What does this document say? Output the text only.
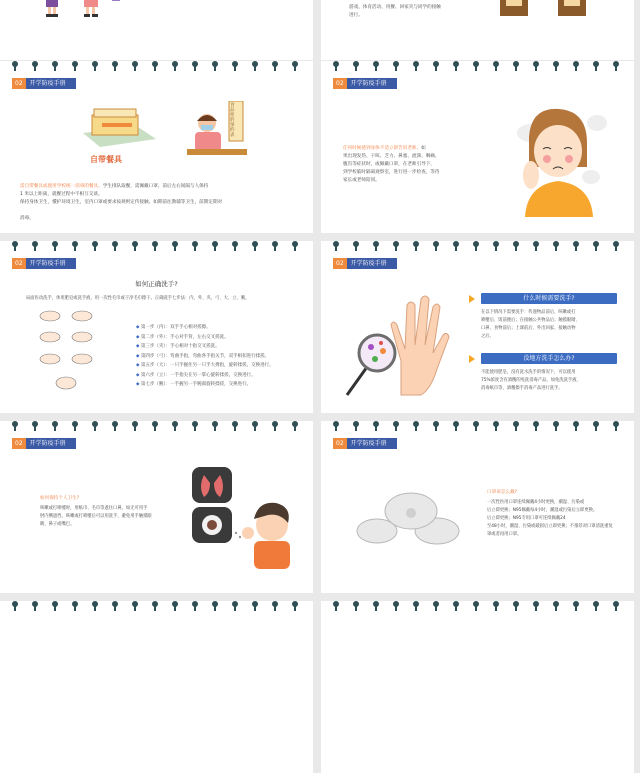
游戏、体育活动、用餐、回家夹与同学的接触
进行。
02	开学防疫手册
自带餐具
食品柜的预约表
需自带餐具或使用学校统一消毒的餐具。学生排队取餐，需佩戴口罩，前后左右间隔与人保持
1 米以上距离，就餐过程中不相互交谈。
保持身体卫生，懂护环境卫生，室内口罩或要求按规则定传接触。如期前往教辅等卫生，前期定期对
消毒。
02	开学防疫手册
任何时候感到身体不适立即告诉老师。如
果出现发热、干咳、乏力、鼻塞、流涕、咽痛、
腹泻等症状时，或佩戴口罩，在老师引导下，
到学校临时隔离观察室，进行进一步检查，等待
家长或老师陪同。
02	开学防疫手册
如何正确洗手?
局面佐动洗手，体用肥皂或洗手液，用一次性毛巾或干净毛巾擦干。正确洗手七步法：内、外、夹、弓、大、立、腕。
◆ 第一步（内）：双手手心相对搓擦。
◆ 第二步（外）：手心对手背，左右交叉搓洗。
◆ 第三步（夹）：手心相对十指交叉搓洗。
◆ 第四步（弓）：弯曲手指，弯曲各手指关节，双手相扣进行揉搓。
◆ 第五步（大）：一只手握住另一只手大拇指，旋转揉搓，交换进行。
◆ 第六步（立）：一手指尖在另一掌心旋转揉搓，交换进行。
◆ 第七步（腕）：一手握另一手腕部旋转揉搓，交换进行。
02	开学防疫手册
什么时候需要洗手?
在以下情况下需要洗手：传递物品前后、咳嗽或打
喷嚏后、饭前便后；在接触公共物品后；触摸眼睛、
口鼻、食物前后；上课前后、外出回家、接触动物
之后。
没地方洗手怎么办?
不能使用肥皂、没有洗水洗手的情况下，可以使用
75%浓度含有酒精的免洗消毒产品，如免洗洗手液、
消毒纸巾等，酒精擦手消毒产品进行洗手。
02	开学防疫手册
如何保持个人卫生?
咳嗽或打喷嚏时，用纸巾、毛巾等遮住口鼻，如无可用手
肘内侧遮挡。咳嗽或打喷嚏后可以用洗手，避免用手触摸眼
睛、鼻子或嘴巴。
02	开学防疫手册
口罩该怎么戴?
一次性医用口罩连续佩戴4小时更换，潮湿、污染或
后立即更换；N95佩戴每4小时，潮湿或污染后立即更换。
后立即更换；N95专用口罩可连续佩戴24
至48小时，潮湿、污染或破损后立即更换；不推荐对口罩清洗重复
罩或者再用口罩。
